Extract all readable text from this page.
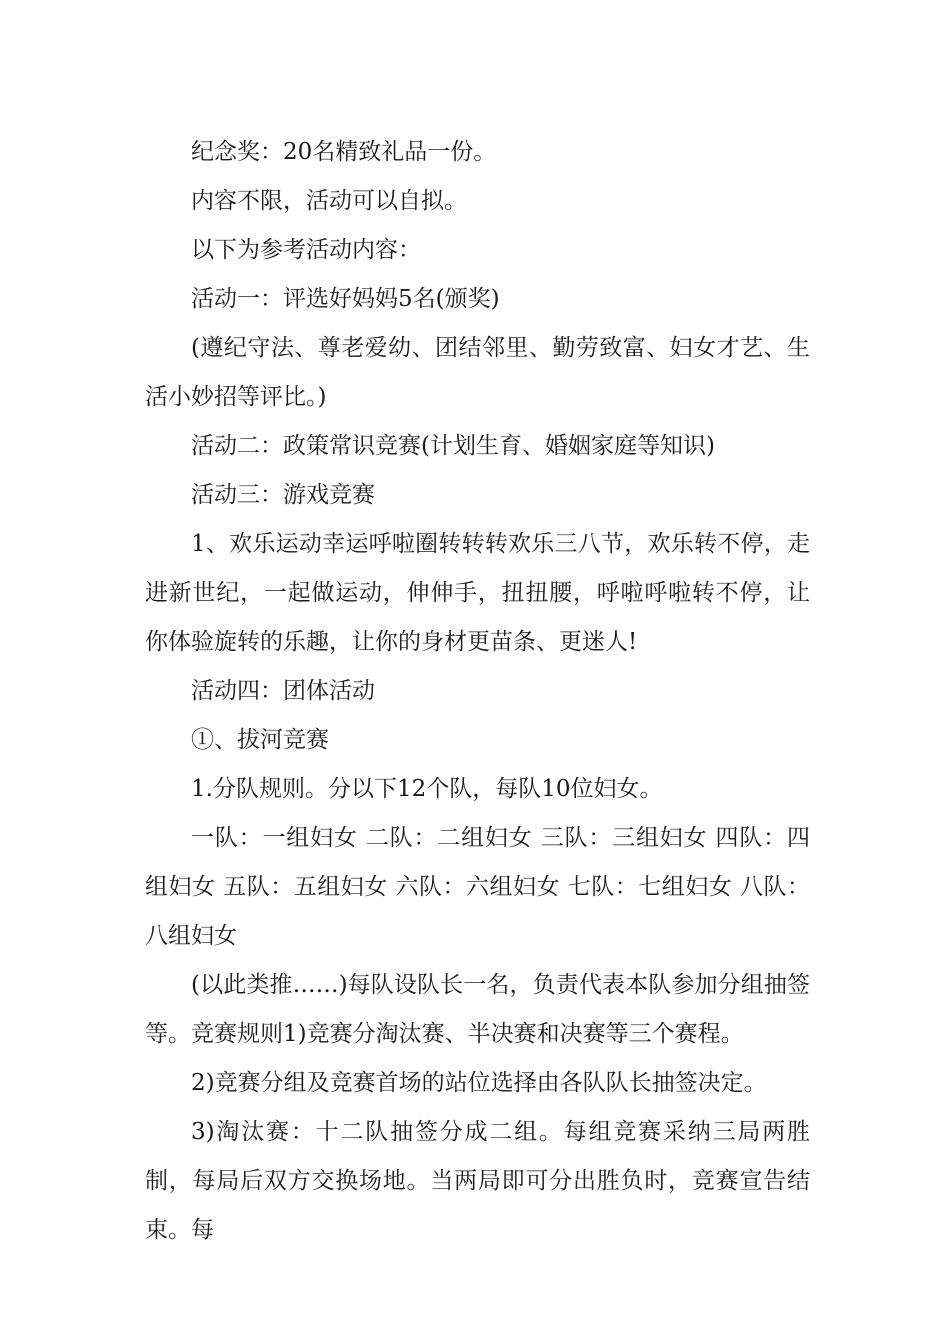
纪念奖：20名精致礼品一份。

内容不限，活动可以自拟。

以下为参考活动内容：

活动一：评选好妈妈5名(颁奖)

(遵纪守法、尊老爱幼、团结邻里、勤劳致富、妇女才艺、生活小妙招等评比。)

活动二：政策常识竞赛(计划生育、婚姻家庭等知识)

活动三：游戏竞赛

1、欢乐运动幸运呼啦圈转转转欢乐三八节，欢乐转不停，走进新世纪，一起做运动，伸伸手，扭扭腰，呼啦呼啦转不停，让你体验旋转的乐趣，让你的身材更苗条、更迷人!

活动四：团体活动

①、拔河竞赛

1.分队规则。分以下12个队，每队10位妇女。

一队：一组妇女 二队：二组妇女 三队：三组妇女 四队：四组妇女 五队：五组妇女 六队：六组妇女 七队：七组妇女 八队：八组妇女

(以此类推……)每队设队长一名，负责代表本队参加分组抽签等。竞赛规则1)竞赛分淘汰赛、半决赛和决赛等三个赛程。

2)竞赛分组及竞赛首场的站位选择由各队队长抽签决定。

3)淘汰赛：十二队抽签分成二组。每组竞赛采纳三局两胜制，每局后双方交换场地。当两局即可分出胜负时，竞赛宣告结束。每
